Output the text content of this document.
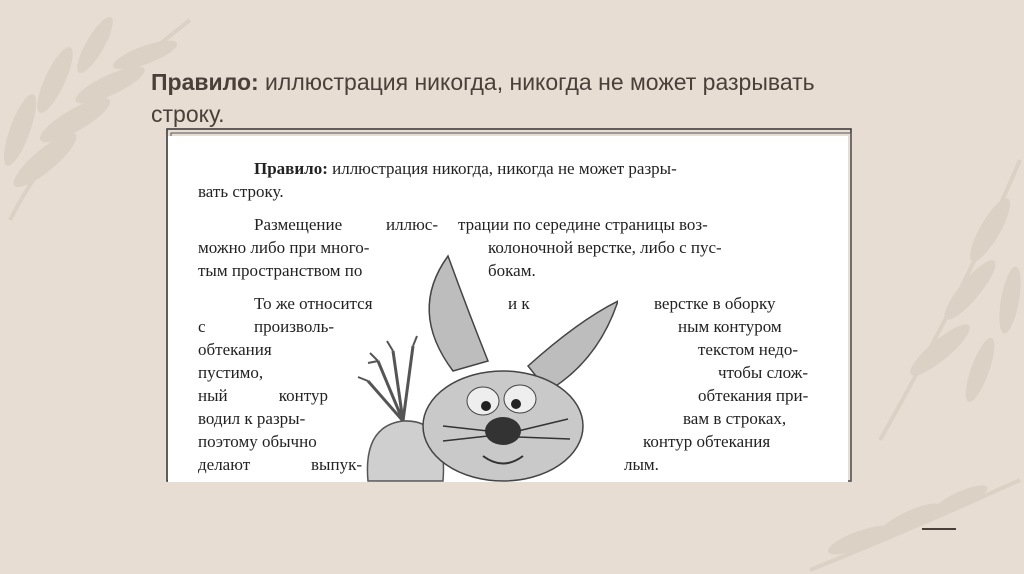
Правило: иллюстрация никогда, никогда не может разрывать строку.
Правило: иллюстрация никогда, никогда не может разры-
вать строку.
Размещение иллюс- трации по середине страницы воз-
можно либо при много-	колоночной верстке, либо с пус-
тым пространством по	бокам.
То же относится	и к	верстке в оборку
с произволь-	ным контуром
обтекания	текстом недо-
пустимо,	чтобы слож-
ный контур	обтекания при-
водил к разры-	вам в строках,
поэтому обычно	контур обтекания
делают выпук-	лым.
